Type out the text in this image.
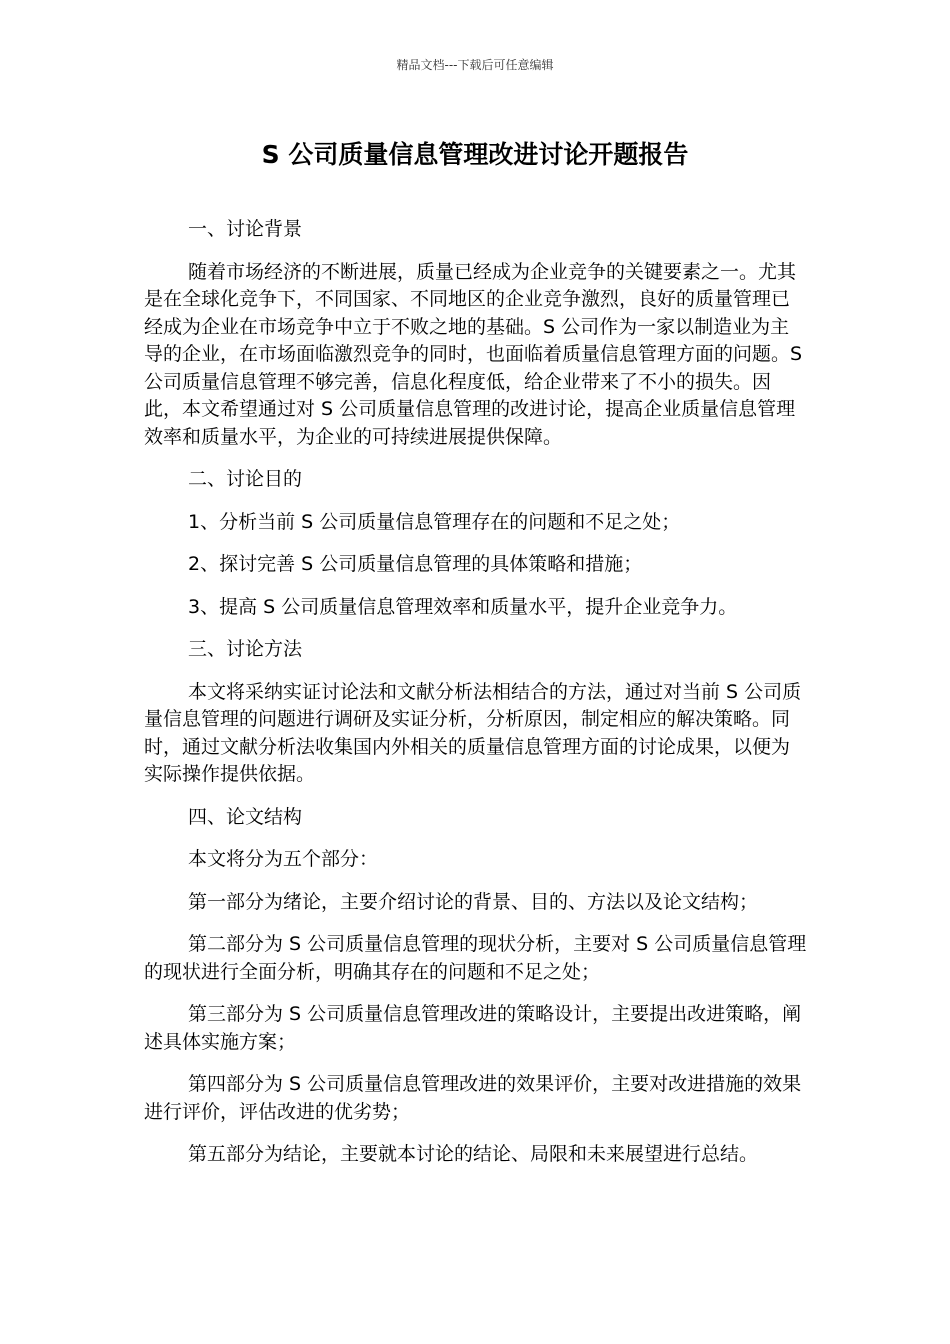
精品文档---下载后可任意编辑
S 公司质量信息管理改进讨论开题报告

一、讨论背景

随着市场经济的不断进展，质量已经成为企业竞争的关键要素之一。尤其是在全球化竞争下，不同国家、不同地区的企业竞争激烈，良好的质量管理已经成为企业在市场竞争中立于不败之地的基础。S 公司作为一家以制造业为主导的企业，在市场面临激烈竞争的同时，也面临着质量信息管理方面的问题。S 公司质量信息管理不够完善，信息化程度低，给企业带来了不小的损失。因此，本文希望通过对 S 公司质量信息管理的改进讨论，提高企业质量信息管理效率和质量水平，为企业的可持续进展提供保障。

二、讨论目的

1、分析当前 S 公司质量信息管理存在的问题和不足之处；

2、探讨完善 S 公司质量信息管理的具体策略和措施；

3、提高 S 公司质量信息管理效率和质量水平，提升企业竞争力。

三、讨论方法

本文将采纳实证讨论法和文献分析法相结合的方法，通过对当前 S 公司质量信息管理的问题进行调研及实证分析，分析原因，制定相应的解决策略。同时，通过文献分析法收集国内外相关的质量信息管理方面的讨论成果，以便为实际操作提供依据。

四、论文结构

本文将分为五个部分：

第一部分为绪论，主要介绍讨论的背景、目的、方法以及论文结构；

第二部分为 S 公司质量信息管理的现状分析，主要对 S 公司质量信息管理的现状进行全面分析，明确其存在的问题和不足之处；

第三部分为 S 公司质量信息管理改进的策略设计，主要提出改进策略，阐述具体实施方案；

第四部分为 S 公司质量信息管理改进的效果评价，主要对改进措施的效果进行评价，评估改进的优劣势；

第五部分为结论，主要就本讨论的结论、局限和未来展望进行总结。
